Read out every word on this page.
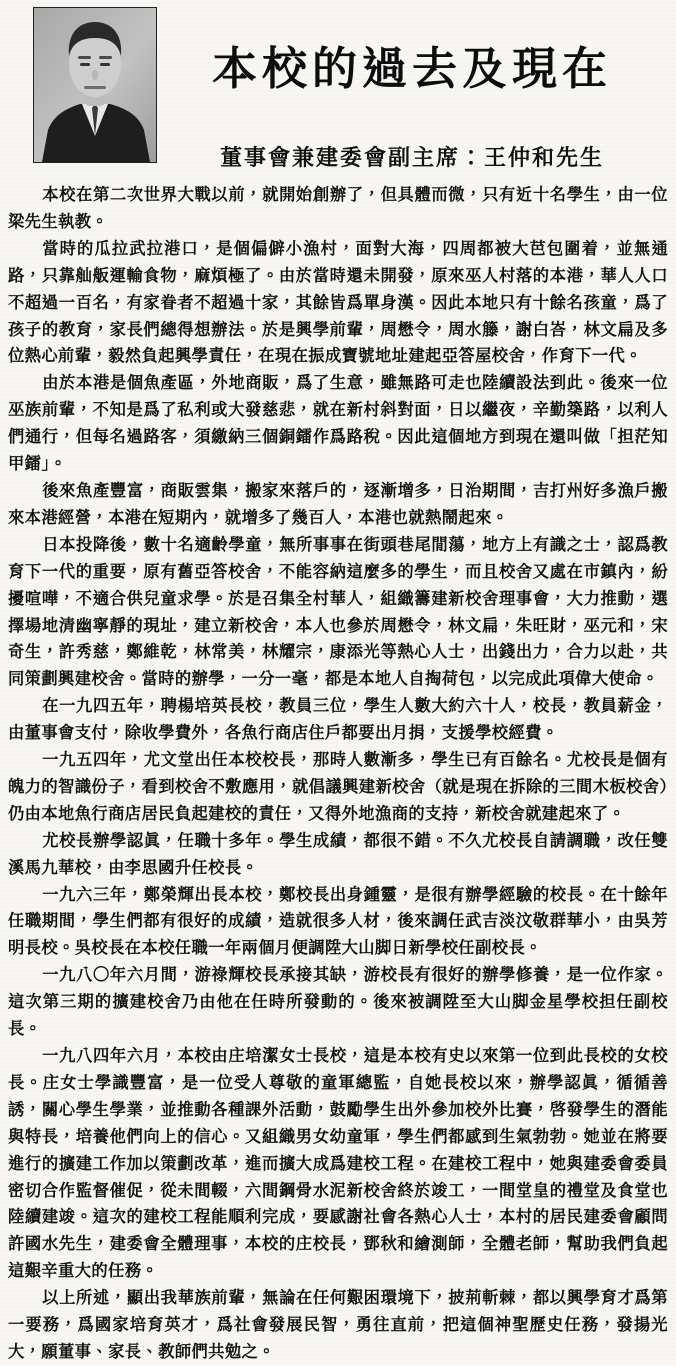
本校的過去及現在
董事會兼建委會副主席：王仲和先生

本校在第二次世界大戰以前，就開始創辦了，但具體而微，只有近十名學生，由一位梁先生執教。

當時的瓜拉武拉港口，是個偏僻小漁村，面對大海，四周都被大芭包圍着，並無通路，只靠舢舨運輸食物，麻煩極了。由於當時還未開發，原來巫人村落的本港，華人人口不超過一百名，有家眷者不超過十家，其餘皆爲單身漢。因此本地只有十餘名孩童，爲了孩子的教育，家長們總得想辦法。於是興學前輩，周懋令，周水籐，謝白峇，林文扁及多位熱心前輩，毅然負起興學責任，在現在振成寶號地址建起亞答屋校舍，作育下一代。

由於本港是個魚產區，外地商販，爲了生意，雖無路可走也陸續設法到此。後來一位巫族前輩，不知是爲了私利或大發慈悲，就在新村斜對面，日以繼夜，辛勤築路，以利人們通行，但每名過路客，須繳納三個銅鐳作爲路稅。因此這個地方到現在還叫做「担茫知甲鐳」。

後來魚產豐富，商販雲集，搬家來落戶的，逐漸增多，日治期間，吉打州好多漁戶搬來本港經營，本港在短期內，就增多了幾百人，本港也就熱鬧起來。

日本投降後，數十名適齡學童，無所事事在街頭巷尾閒蕩，地方上有識之士，認爲教育下一代的重要，原有舊亞答校舍，不能容納這麼多的學生，而且校舍又處在市鎮內，紛擾喧嘩，不適合供兒童求學。於是召集全村華人，組織籌建新校舍理事會，大力推動，選擇場地清幽寧靜的現址，建立新校舍，本人也參於周懋令，林文扁，朱旺財，巫元和，宋奇生，許秀慈，鄭維乾，林常美，林耀宗，康添光等熱心人士，出錢出力，合力以赴，共同策劃興建校舍。當時的辦學，一分一毫，都是本地人自掏荷包，以完成此項偉大使命。

在一九四五年，聘楊培英長校，教員三位，學生人數大約六十人，校長，教員薪金，由董事會支付，除收學費外，各魚行商店住戶都要出月捐，支援學校經費。

一九五四年，尤文堂出任本校校長，那時人數漸多，學生已有百餘名。尤校長是個有魄力的智識份子，看到校舍不敷應用，就倡議興建新校舍（就是現在拆除的三間木板校舍）仍由本地魚行商店居民負起建校的責任，又得外地漁商的支持，新校舍就建起來了。

尤校長辦學認眞，任職十多年。學生成績，都很不錯。不久尤校長自請調職，改任雙溪馬九華校，由李思國升任校長。

一九六三年，鄭榮輝出長本校，鄭校長出身鍾靈，是很有辦學經驗的校長。在十餘年任職期間，學生們都有很好的成績，造就很多人材，後來調任武吉淡汶敬群華小，由吳芳明長校。吳校長在本校任職一年兩個月便調陞大山脚日新學校任副校長。

一九八〇年六月間，游祿輝校長承接其缺，游校長有很好的辦學修養，是一位作家。這次第三期的擴建校舍乃由他在任時所發動的。後來被調陞至大山脚金星學校担任副校長。

一九八四年六月，本校由庄培潔女士長校，這是本校有史以來第一位到此長校的女校長。庄女士學識豐富，是一位受人尊敬的童軍總監，自她長校以來，辦學認眞，循循善誘，關心學生學業，並推動各種課外活動，鼓勵學生出外參加校外比賽，啓發學生的潛能與特長，培養他們向上的信心。又組織男女幼童軍，學生們都感到生氣勃勃。她並在將要進行的擴建工作加以策劃改革，進而擴大成爲建校工程。在建校工程中，她與建委會委員密切合作監督催促，從未間輟，六間鋼骨水泥新校舍終於竣工，一間堂皇的禮堂及食堂也陸續建竣。這次的建校工程能順利完成，要感謝社會各熱心人士，本村的居民建委會顧問許國水先生，建委會全體理事，本校的庄校長，鄧秋和繪測師，全體老師，幫助我們負起這艱辛重大的任務。

以上所述，顯出我華族前輩，無論在任何艱困環境下，披荊斬棘，都以興學育才爲第一要務，爲國家培育英才，爲社會發展民智，勇往直前，把這個神聖歷史任務，發揚光大，願董事、家長、教師們共勉之。
